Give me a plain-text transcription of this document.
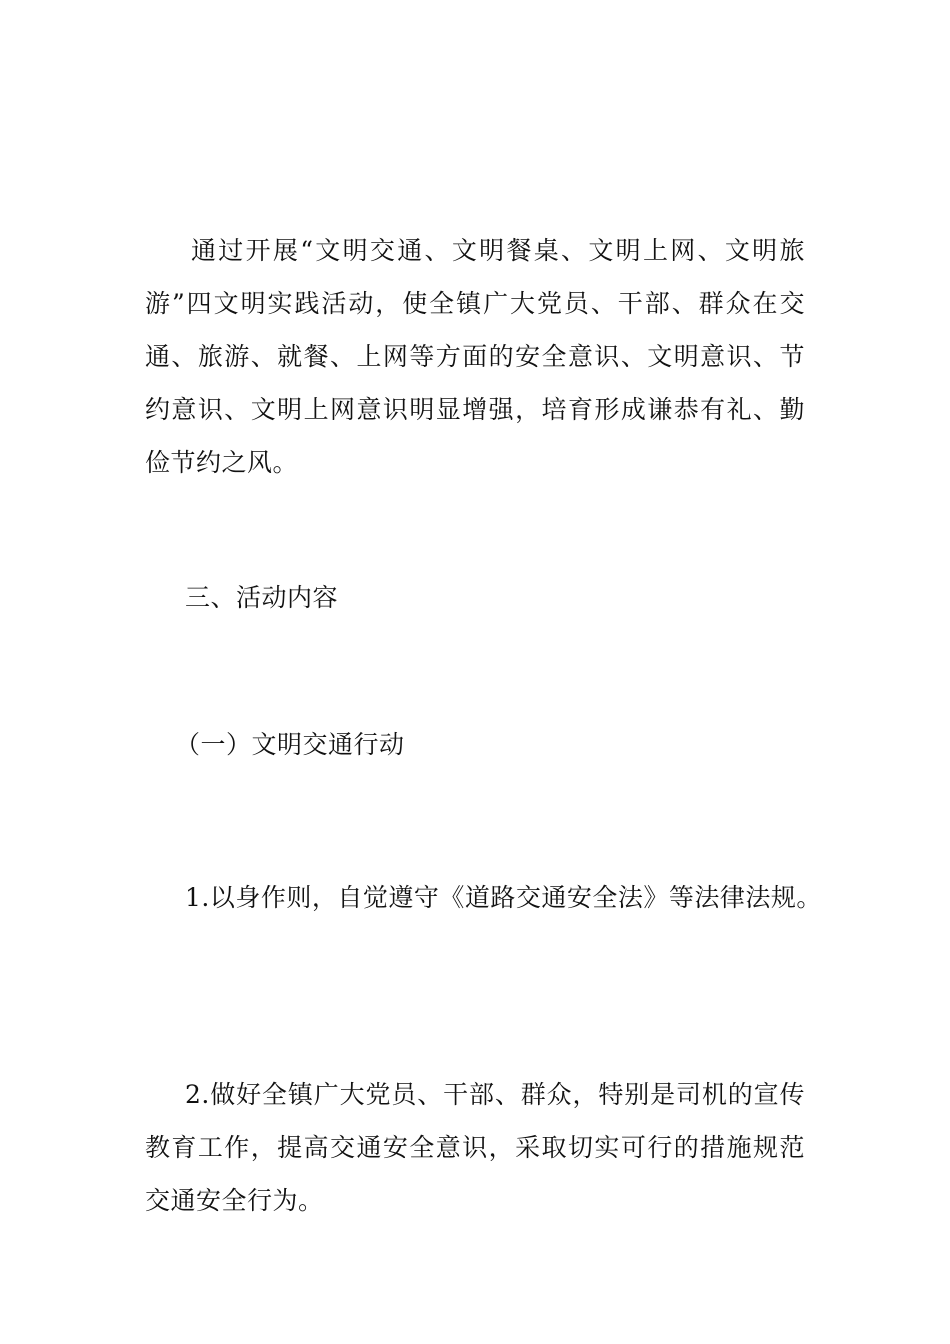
通过开展“文明交通、文明餐桌、文明上网、文明旅游”四文明实践活动，使全镇广大党员、干部、群众在交通、旅游、就餐、上网等方面的安全意识、文明意识、节约意识、文明上网意识明显增强，培育形成谦恭有礼、勤俭节约之风。

三、活动内容

（一）文明交通行动

1.以身作则，自觉遵守《道路交通安全法》等法律法规。

2.做好全镇广大党员、干部、群众，特别是司机的宣传教育工作，提高交通安全意识，采取切实可行的措施规范交通安全行为。
